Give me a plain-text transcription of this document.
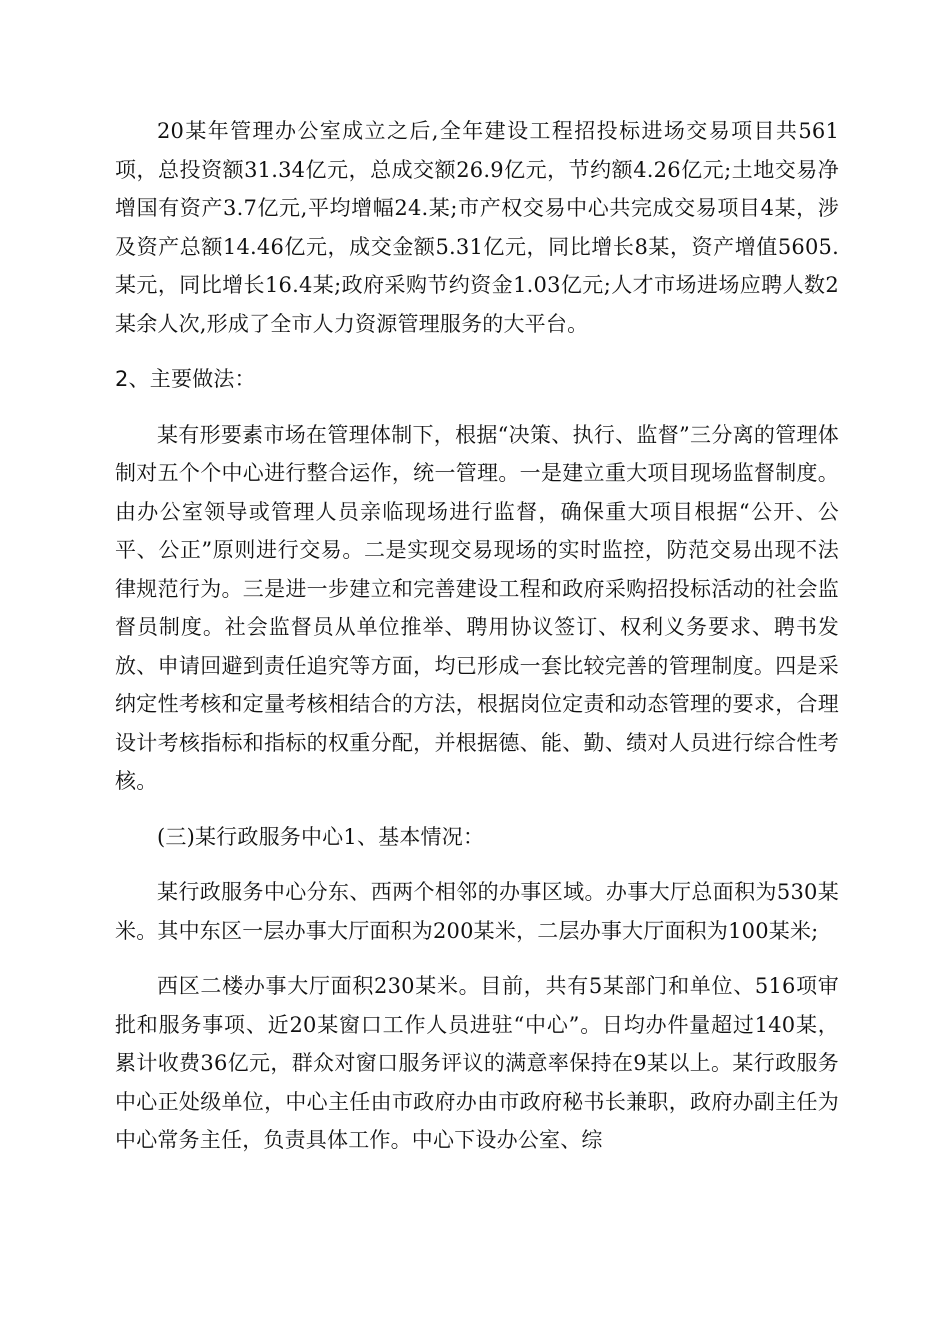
20某年管理办公室成立之后,全年建设工程招投标进场交易项目共561项，总投资额31.34亿元，总成交额26.9亿元，节约额4.26亿元;土地交易净增国有资产3.7亿元,平均增幅24.某;市产权交易中心共完成交易项目4某，涉及资产总额14.46亿元，成交金额5.31亿元，同比增长8某，资产增值5605.某元，同比增长16.4某;政府采购节约资金1.03亿元;人才市场进场应聘人数2某余人次,形成了全市人力资源管理服务的大平台。

2、主要做法：

某有形要素市场在管理体制下，根据“决策、执行、监督”三分离的管理体制对五个个中心进行整合运作，统一管理。一是建立重大项目现场监督制度。由办公室领导或管理人员亲临现场进行监督，确保重大项目根据“公开、公平、公正”原则进行交易。二是实现交易现场的实时监控，防范交易出现不法律规范行为。三是进一步建立和完善建设工程和政府采购招投标活动的社会监督员制度。社会监督员从单位推举、聘用协议签订、权利义务要求、聘书发放、申请回避到责任追究等方面，均已形成一套比较完善的管理制度。四是采纳定性考核和定量考核相结合的方法，根据岗位定责和动态管理的要求，合理设计考核指标和指标的权重分配，并根据德、能、勤、绩对人员进行综合性考核。

(三)某行政服务中心1、基本情况：

某行政服务中心分东、西两个相邻的办事区域。办事大厅总面积为530某米。其中东区一层办事大厅面积为200某米，二层办事大厅面积为100某米;

西区二楼办事大厅面积230某米。目前，共有5某部门和单位、516项审批和服务事项、近20某窗口工作人员进驻“中心”。日均办件量超过140某，累计收费36亿元，群众对窗口服务评议的满意率保持在9某以上。某行政服务中心正处级单位，中心主任由市政府办由市政府秘书长兼职，政府办副主任为中心常务主任，负责具体工作。中心下设办公室、综
